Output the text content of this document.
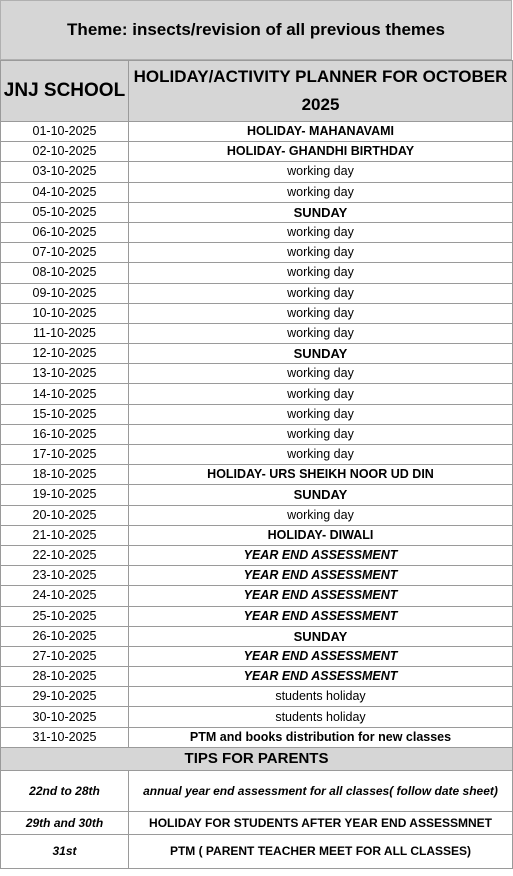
Theme: insects/revision of all previous themes
JNJ SCHOOL	HOLIDAY/ACTIVITY PLANNER FOR OCTOBER 2025
01-10-2025	HOLIDAY- MAHANAVAMI
02-10-2025	HOLIDAY- GHANDHI BIRTHDAY
03-10-2025	working day
04-10-2025	working day
05-10-2025	SUNDAY
06-10-2025	working day
07-10-2025	working day
08-10-2025	working day
09-10-2025	working day
10-10-2025	working day
11-10-2025	working day
12-10-2025	SUNDAY
13-10-2025	working day
14-10-2025	working day
15-10-2025	working day
16-10-2025	working day
17-10-2025	working day
18-10-2025	HOLIDAY- URS SHEIKH NOOR UD DIN
19-10-2025	SUNDAY
20-10-2025	working day
21-10-2025	HOLIDAY- DIWALI
22-10-2025	YEAR END ASSESSMENT
23-10-2025	YEAR END ASSESSMENT
24-10-2025	YEAR END ASSESSMENT
25-10-2025	YEAR END ASSESSMENT
26-10-2025	SUNDAY
27-10-2025	YEAR END ASSESSMENT
28-10-2025	YEAR END ASSESSMENT
29-10-2025	students holiday
30-10-2025	students holiday
31-10-2025	PTM and books distribution for new classes
TIPS FOR PARENTS	
22nd to 28th	annual year end assessment for all classes( follow date sheet)
29th and 30th	HOLIDAY FOR STUDENTS AFTER YEAR END ASSESSMNET
31st	PTM ( PARENT TEACHER MEET FOR ALL CLASSES)
